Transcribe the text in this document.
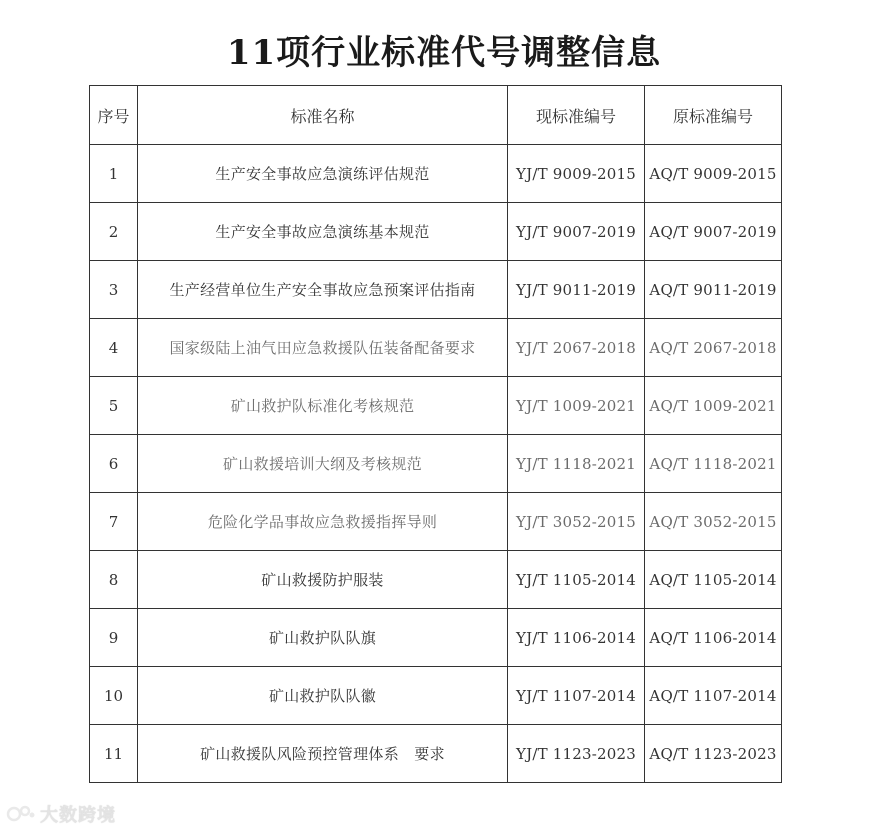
11项行业标准代号调整信息
序号	标准名称	现标准编号	原标准编号
1	生产安全事故应急演练评估规范	YJ/T 9009-2015	AQ/T 9009-2015
2	生产安全事故应急演练基本规范	YJ/T 9007-2019	AQ/T 9007-2019
3	生产经营单位生产安全事故应急预案评估指南	YJ/T 9011-2019	AQ/T 9011-2019
4	国家级陆上油气田应急救援队伍装备配备要求	YJ/T 2067-2018	AQ/T 2067-2018
5	矿山救护队标准化考核规范	YJ/T 1009-2021	AQ/T 1009-2021
6	矿山救援培训大纲及考核规范	YJ/T 1118-2021	AQ/T 1118-2021
7	危险化学品事故应急救援指挥导则	YJ/T 3052-2015	AQ/T 3052-2015
8	矿山救援防护服装	YJ/T 1105-2014	AQ/T 1105-2014
9	矿山救护队队旗	YJ/T 1106-2014	AQ/T 1106-2014
10	矿山救护队队徽	YJ/T 1107-2014	AQ/T 1107-2014
11	矿山救援队风险预控管理体系　要求	YJ/T 1123-2023	AQ/T 1123-2023
大数跨境
